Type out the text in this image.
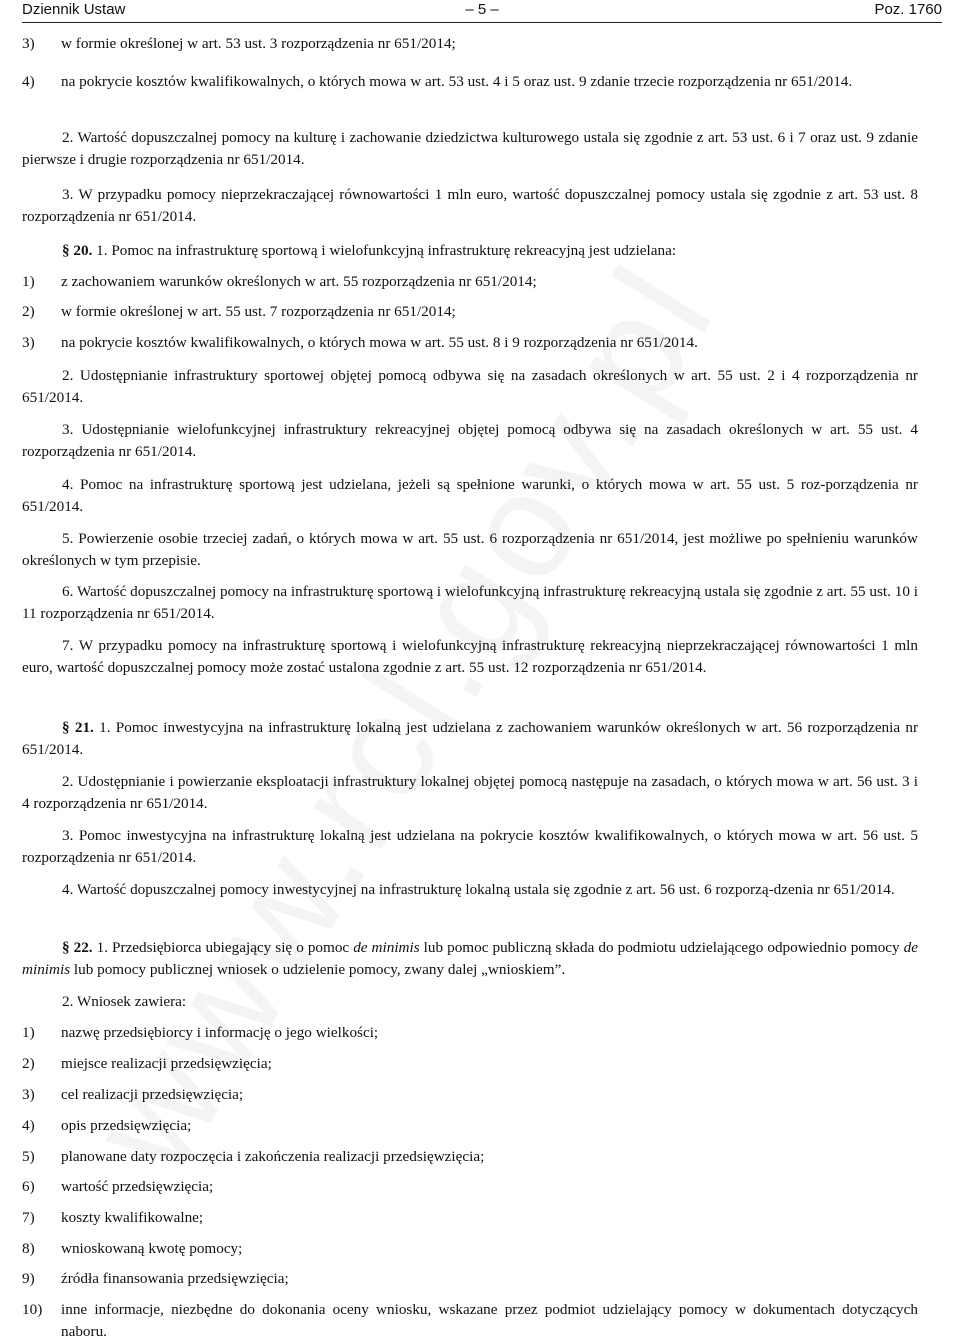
Dziennik Ustaw	– 5 –	Poz. 1760
3) w formie określonej w art. 53 ust. 3 rozporządzenia nr 651/2014;
4) na pokrycie kosztów kwalifikowalnych, o których mowa w art. 53 ust. 4 i 5 oraz ust. 9 zdanie trzecie rozporządzenia nr 651/2014.
2. Wartość dopuszczalnej pomocy na kulturę i zachowanie dziedzictwa kulturowego ustala się zgodnie z art. 53 ust. 6 i 7 oraz ust. 9 zdanie pierwsze i drugie rozporządzenia nr 651/2014.
3. W przypadku pomocy nieprzekraczającej równowartości 1 mln euro, wartość dopuszczalnej pomocy ustala się zgodnie z art. 53 ust. 8 rozporządzenia nr 651/2014.
§ 20. 1. Pomoc na infrastrukturę sportową i wielofunkcyjną infrastrukturę rekreacyjną jest udzielana:
1) z zachowaniem warunków określonych w art. 55 rozporządzenia nr 651/2014;
2) w formie określonej w art. 55 ust. 7 rozporządzenia nr 651/2014;
3) na pokrycie kosztów kwalifikowalnych, o których mowa w art. 55 ust. 8 i 9 rozporządzenia nr 651/2014.
2. Udostępnianie infrastruktury sportowej objętej pomocą odbywa się na zasadach określonych w art. 55 ust. 2 i 4 rozporządzenia nr 651/2014.
3. Udostępnianie wielofunkcyjnej infrastruktury rekreacyjnej objętej pomocą odbywa się na zasadach określonych w art. 55 ust. 4 rozporządzenia nr 651/2014.
4. Pomoc na infrastrukturę sportową jest udzielana, jeżeli są spełnione warunki, o których mowa w art. 55 ust. 5 roz-porządzenia nr 651/2014.
5. Powierzenie osobie trzeciej zadań, o których mowa w art. 55 ust. 6 rozporządzenia nr 651/2014, jest możliwe po spełnieniu warunków określonych w tym przepisie.
6. Wartość dopuszczalnej pomocy na infrastrukturę sportową i wielofunkcyjną infrastrukturę rekreacyjną ustala się zgodnie z art. 55 ust. 10 i 11 rozporządzenia nr 651/2014.
7. W przypadku pomocy na infrastrukturę sportową i wielofunkcyjną infrastrukturę rekreacyjną nieprzekraczającej równowartości 1 mln euro, wartość dopuszczalnej pomocy może zostać ustalona zgodnie z art. 55 ust. 12 rozporządzenia nr 651/2014.
§ 21. 1. Pomoc inwestycyjna na infrastrukturę lokalną jest udzielana z zachowaniem warunków określonych w art. 56 rozporządzenia nr 651/2014.
2. Udostępnianie i powierzanie eksploatacji infrastruktury lokalnej objętej pomocą następuje na zasadach, o których mowa w art. 56 ust. 3 i 4 rozporządzenia nr 651/2014.
3. Pomoc inwestycyjna na infrastrukturę lokalną jest udzielana na pokrycie kosztów kwalifikowalnych, o których mowa w art. 56 ust. 5 rozporządzenia nr 651/2014.
4. Wartość dopuszczalnej pomocy inwestycyjnej na infrastrukturę lokalną ustala się zgodnie z art. 56 ust. 6 rozporzą-dzenia nr 651/2014.
§ 22. 1. Przedsiębiorca ubiegający się o pomoc de minimis lub pomoc publiczną składa do podmiotu udzielającego odpowiednio pomocy de minimis lub pomocy publicznej wniosek o udzielenie pomocy, zwany dalej „wnioskiem”.
2. Wniosek zawiera:
1) nazwę przedsiębiorcy i informację o jego wielkości;
2) miejsce realizacji przedsięwzięcia;
3) cel realizacji przedsięwzięcia;
4) opis przedsięwzięcia;
5) planowane daty rozpoczęcia i zakończenia realizacji przedsięwzięcia;
6) wartość przedsięwzięcia;
7) koszty kwalifikowalne;
8) wnioskowaną kwotę pomocy;
9) źródła finansowania przedsięwzięcia;
10) inne informacje, niezbędne do dokonania oceny wniosku, wskazane przez podmiot udzielający pomocy w dokumentach dotyczących naboru.
